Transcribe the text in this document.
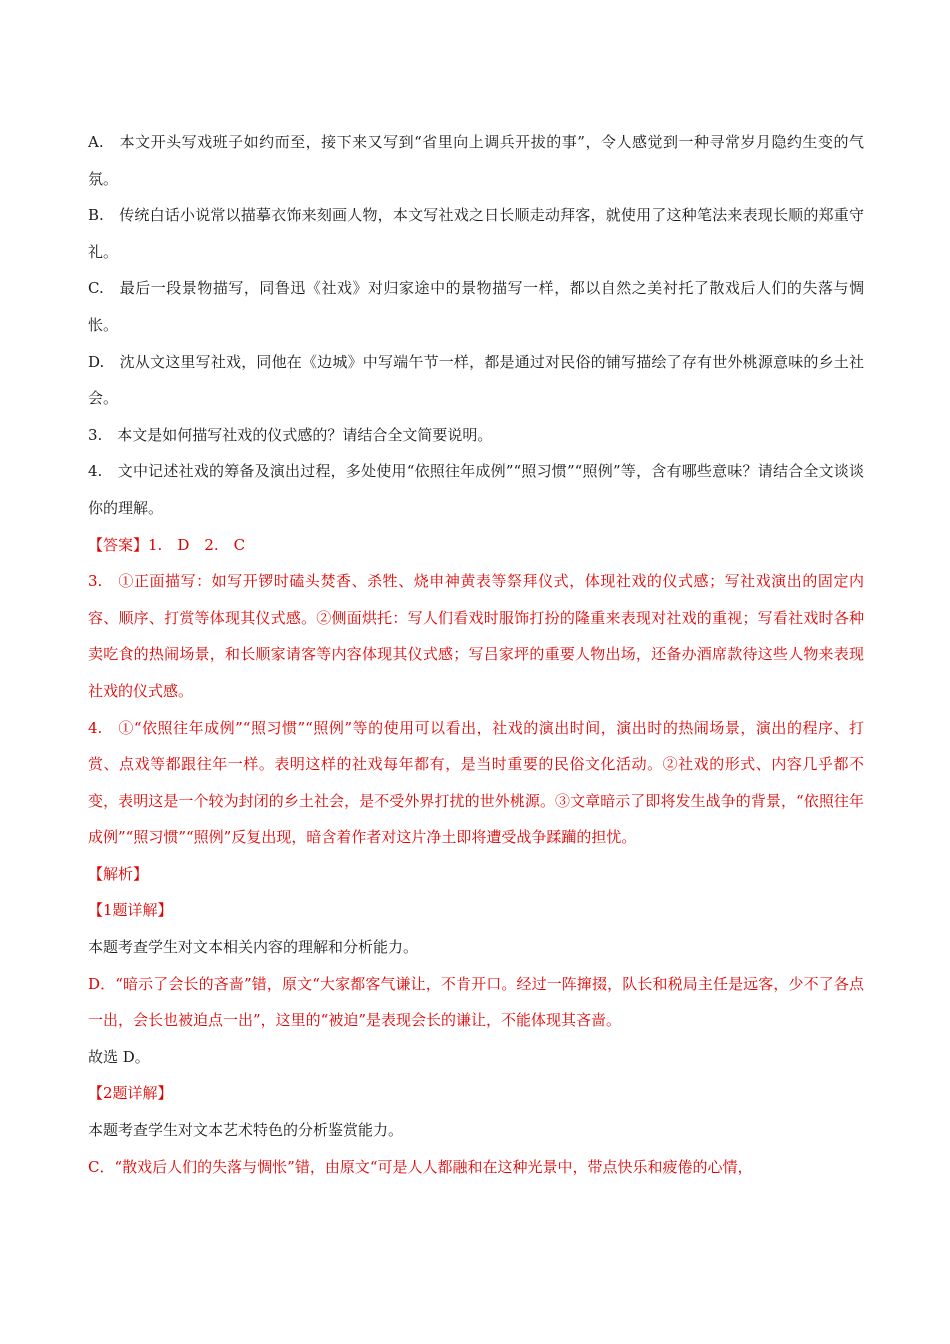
A.　本文开头写戏班子如约而至，接下来又写到“省里向上调兵开拔的事”，令人感觉到一种寻常岁月隐约生变的气氛。

B.　传统白话小说常以描摹衣饰来刻画人物，本文写社戏之日长顺走动拜客，就使用了这种笔法来表现长顺的郑重守礼。

C.　最后一段景物描写，同鲁迅《社戏》对归家途中的景物描写一样，都以自然之美衬托了散戏后人们的失落与惆怅。

D.　沈从文这里写社戏，同他在《边城》中写端午节一样，都是通过对民俗的铺写描绘了存有世外桃源意味的乡土社会。

3.　本文是如何描写社戏的仪式感的？请结合全文简要说明。

4.　文中记述社戏的筹备及演出过程，多处使用“依照往年成例”“照习惯”“照例”等，含有哪些意味？请结合全文谈谈你的理解。

【答案】1.　D　2.　C

3.　①正面描写：如写开锣时磕头焚香、杀牲、烧申神黄表等祭拜仪式，体现社戏的仪式感；写社戏演出的固定内容、顺序、打赏等体现其仪式感。②侧面烘托：写人们看戏时服饰打扮的隆重来表现对社戏的重视；写看社戏时各种卖吃食的热闹场景，和长顺家请客等内容体现其仪式感；写吕家坪的重要人物出场，还备办酒席款待这些人物来表现社戏的仪式感。

4.　①“依照往年成例”“照习惯”“照例”等的使用可以看出，社戏的演出时间，演出时的热闹场景，演出的程序、打赏、点戏等都跟往年一样。表明这样的社戏每年都有，是当时重要的民俗文化活动。②社戏的形式、内容几乎都不变，表明这是一个较为封闭的乡土社会，是不受外界打扰的世外桃源。③文章暗示了即将发生战争的背景，“依照往年成例”“照习惯”“照例”反复出现，暗含着作者对这片净土即将遭受战争蹂躏的担忧。

【解析】

【1题详解】

本题考查学生对文本相关内容的理解和分析能力。

D．“暗示了会长的吝啬”错，原文“大家都客气谦让，不肯开口。经过一阵撺掇，队长和税局主任是远客，少不了各点一出，会长也被迫点一出”，这里的“被迫”是表现会长的谦让，不能体现其吝啬。

故选 D。

【2题详解】

本题考查学生对文本艺术特色的分析鉴赏能力。

C．“散戏后人们的失落与惆怅”错，由原文“可是人人都融和在这种光景中，带点快乐和疲倦的心情，
